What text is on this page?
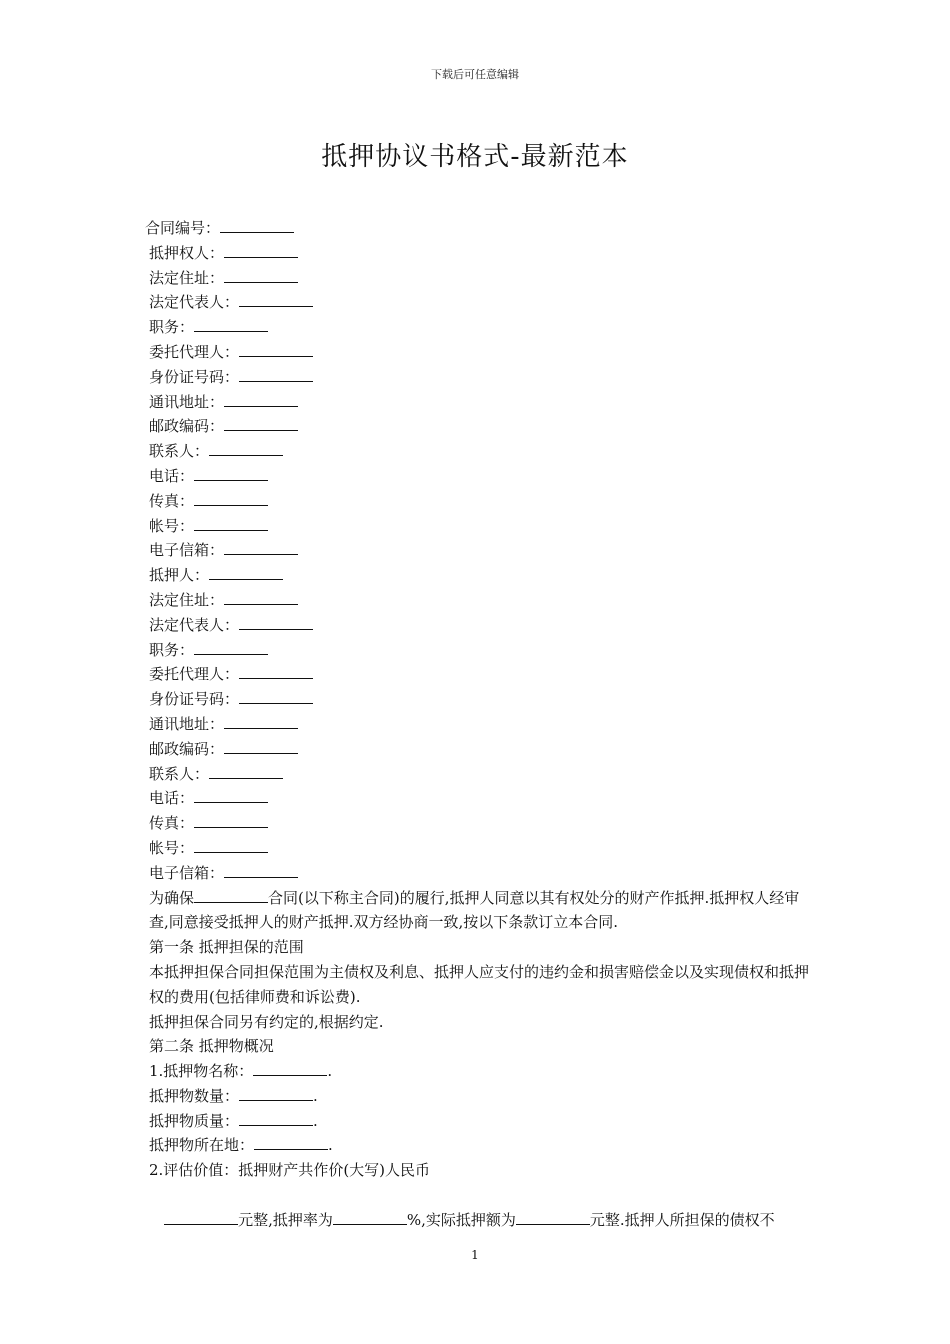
下载后可任意编辑
抵押协议书格式-最新范本
合同编号：
抵押权人：
法定住址：
法定代表人：
职务：
委托代理人：
身份证号码：
通讯地址：
邮政编码：
联系人：
电话：
传真：
帐号：
电子信箱：
抵押人：
法定住址：
法定代表人：
职务：
委托代理人：
身份证号码：
通讯地址：
邮政编码：
联系人：
电话：
传真：
帐号：
电子信箱：
为确保	合同(以下称主合同)的履行,抵押人同意以其有权处分的财产作抵押.抵押权人经审查,同意接受抵押人的财产抵押.双方经协商一致,按以下条款订立本合同.
第一条 抵押担保的范围
本抵押担保合同担保范围为主债权及利息、抵押人应支付的违约金和损害赔偿金以及实现债权和抵押权的费用(包括律师费和诉讼费).
抵押担保合同另有约定的,根据约定.
第二条 抵押物概况
1.抵押物名称：	.
抵押物数量：	.
抵押物质量：	.
抵押物所在地：	.
2.评估价值：抵押财产共作价(大写)人民币

元整,抵押率为	%,实际抵押额为	元整.抵押人所担保的债权不

1
